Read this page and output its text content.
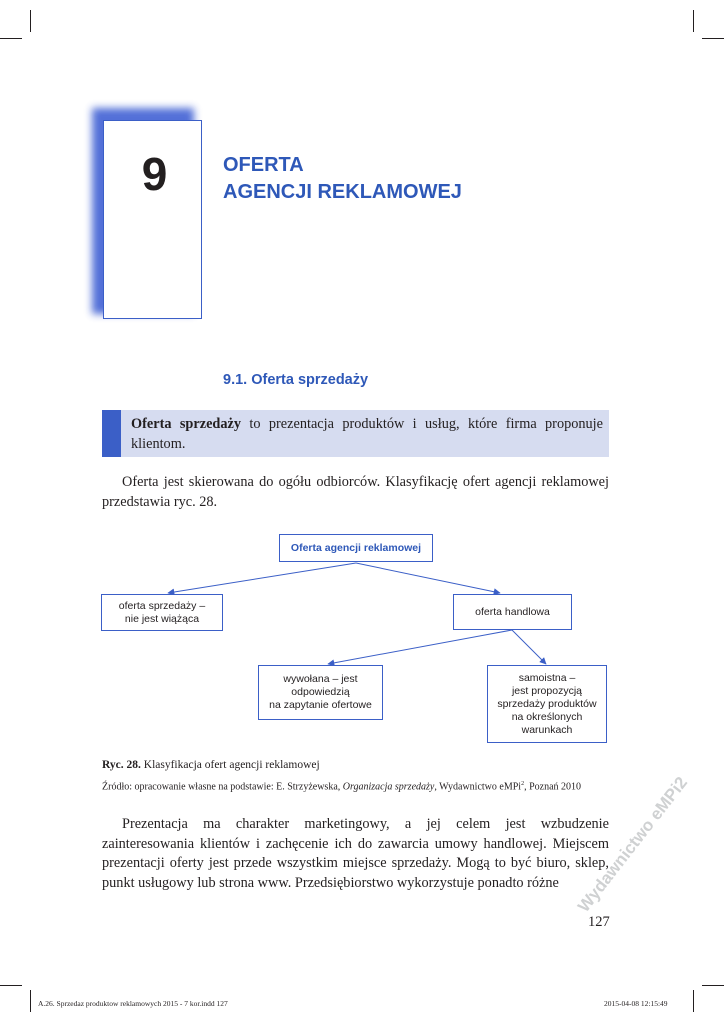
9	OFERTA
AGENCJI REKLAMOWEJ
9.1. Oferta sprzedaży
Oferta sprzedaży to prezentacja produktów i usług, które firma proponuje klientom.
Oferta jest skierowana do ogółu odbiorców. Klasyfikację ofert agencji reklamowej przedstawia ryc. 28.
Oferta agencji reklamowej
oferta sprzedaży –
nie jest wiążąca
oferta handlowa
wywołana – jest
odpowiedzią
na zapytanie ofertowe
samoistna –
jest propozycją
sprzedaży produktów
na określonych
warunkach
Ryc. 28. Klasyfikacja ofert agencji reklamowej
Źródło: opracowanie własne na podstawie: E. Strzyżewska, Organizacja sprzedaży, Wydawnictwo eMPi$^2$, Poznań 2010
Prezentacja ma charakter marketingowy, a jej celem jest wzbudzenie zainteresowania klientów i zachęcenie ich do zawarcia umowy handlowej. Miejscem prezentacji oferty jest przede wszystkim miejsce sprzedaży. Mogą to być biuro, sklep, punkt usługowy lub strona www. Przedsiębiorstwo wykorzystuje ponadto różne Wydawnictwo eMPi2
127
A.26. Sprzedaz produktow reklamowych 2015 - 7 kor.indd 127	2015-04-08 12:15:49
